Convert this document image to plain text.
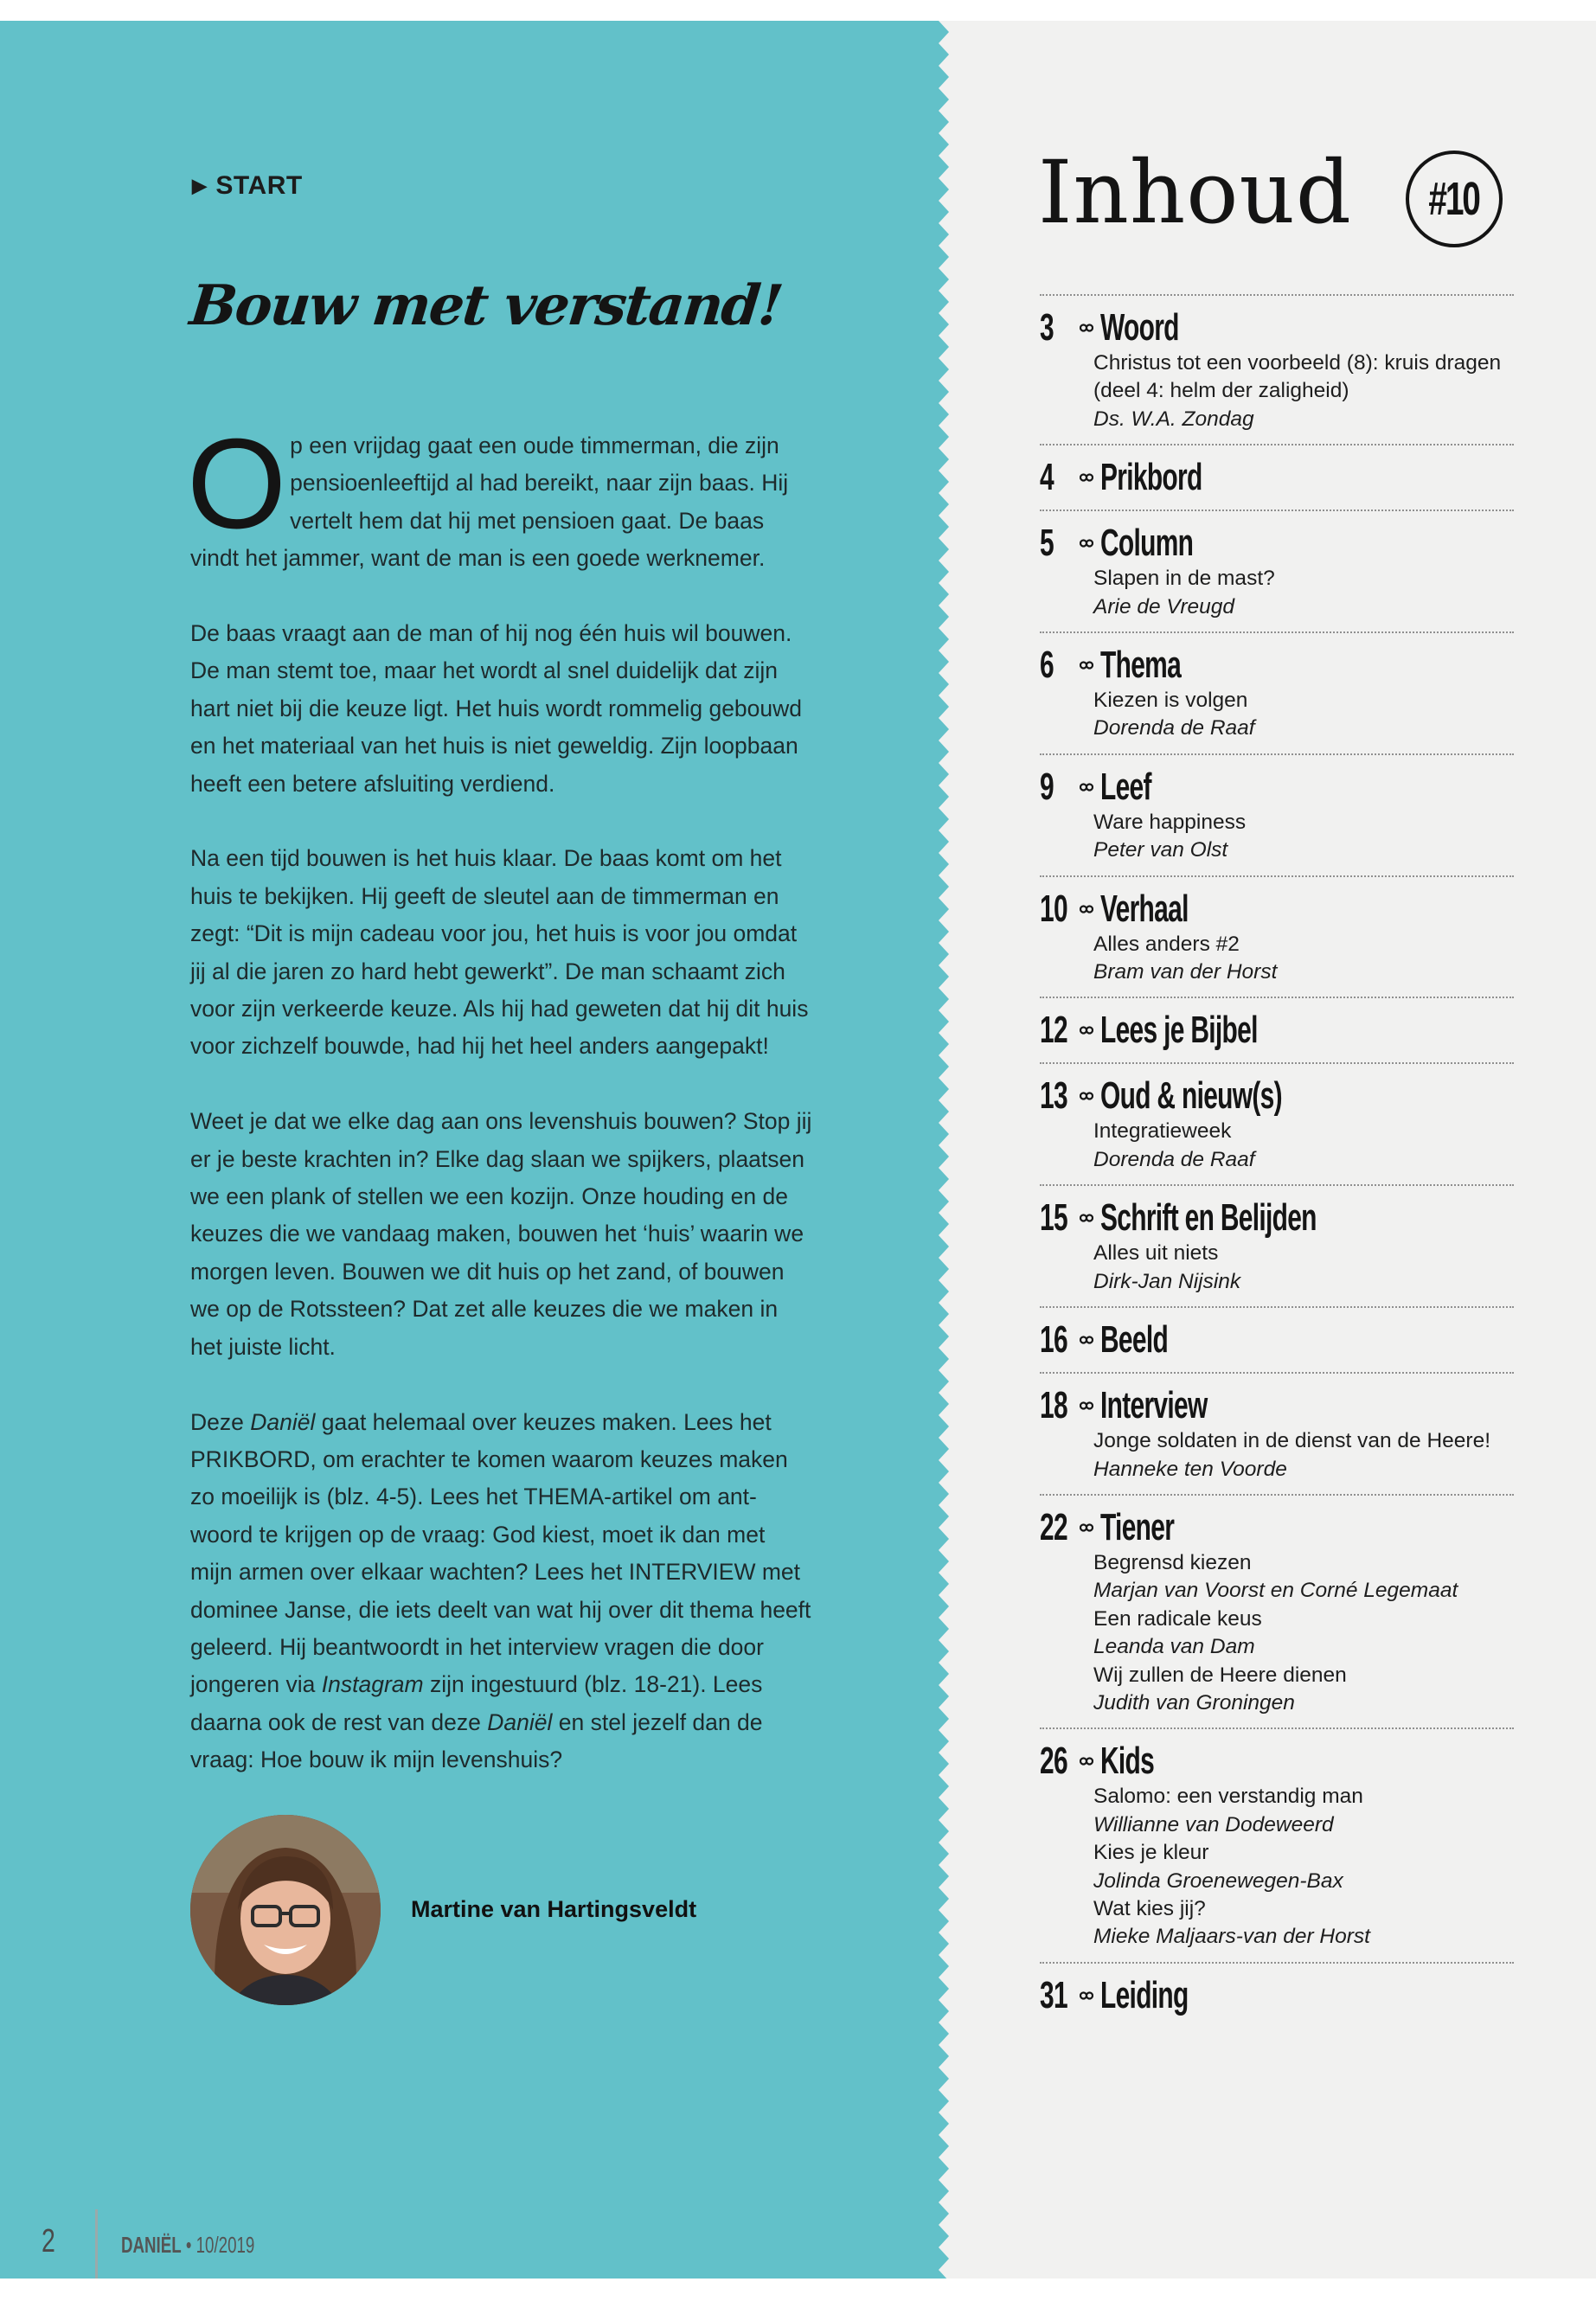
▶ START
Bouw met verstand!

Op een vrijdag gaat een oude timmerman, die zijn pensioenleeftijd al had bereikt, naar zijn baas. Hij vertelt hem dat hij met pensioen gaat. De baas vindt het jammer, want de man is een goede werknemer.

De baas vraagt aan de man of hij nog één huis wil bouwen. De man stemt toe, maar het wordt al snel duidelijk dat zijn hart niet bij die keuze ligt. Het huis wordt rommelig gebouwd en het materiaal van het huis is niet geweldig. Zijn loopbaan heeft een betere afsluiting verdiend.

Na een tijd bouwen is het huis klaar. De baas komt om het huis te bekijken. Hij geeft de sleutel aan de timmerman en zegt: “Dit is mijn cadeau voor jou, het huis is voor jou omdat jij al die jaren zo hard hebt gewerkt”. De man schaamt zich voor zijn verkeerde keuze. Als hij had geweten dat hij dit huis voor zichzelf bouwde, had hij het heel anders aangepakt!

Weet je dat we elke dag aan ons levenshuis bouwen? Stop jij er je beste krachten in? Elke dag slaan we spijkers, plaatsen we een plank of stellen we een kozijn. Onze houding en de keuzes die we vandaag maken, bouwen het ‘huis’ waarin we morgen leven. Bouwen we dit huis op het zand, of bouwen we op de Rotssteen? Dat zet alle keuzes die we maken in het juiste licht.

Deze Daniël gaat helemaal over keuzes maken. Lees het PRIKBORD, om erachter te komen waarom keuzes maken zo moeilijk is (blz. 4-5). Lees het THEMA-artikel om ant-woord te krijgen op de vraag: God kiest, moet ik dan met mijn armen over elkaar wachten? Lees het INTERVIEW met dominee Janse, die iets deelt van wat hij over dit thema heeft geleerd. Hij beantwoordt in het interview vragen die door jongeren via Instagram zijn ingestuurd (blz. 18-21). Lees daarna ook de rest van deze Daniël en stel jezelf dan de vraag: Hoe bouw ik mijn levenshuis?

Martine van Hartingsveldt
2	DANIËL • 10/2019
Inhoud #10
3	Woord

Christus tot een voorbeeld (8): kruis dragen (deel 4: helm der zaligheid)

Ds. W.A. Zondag

4	Prikbord
5	Column

Slapen in de mast?

Arie de Vreugd

6	Thema

Kiezen is volgen

Dorenda de Raaf

9	Leef

Ware happiness

Peter van Olst

10 Verhaal

Alles anders #2

Bram van der Horst

12 Lees je Bijbel
13 Oud & nieuw(s)

Integratieweek

Dorenda de Raaf

15 Schrift en Belijden

Alles uit niets

Dirk-Jan Nijsink

16 Beeld
18 Interview

Jonge soldaten in de dienst van de Heere!

Hanneke ten Voorde

22 Tiener

Begrensd kiezen

Marjan van Voorst en Corné Legemaat

Een radicale keus

Leanda van Dam

Wij zullen de Heere dienen

Judith van Groningen

26 Kids

Salomo: een verstandig man

Willianne van Dodeweerd

Kies je kleur

Jolinda Groenewegen-Bax

Wat kies jij?

Mieke Maljaars-van der Horst

31 Leiding
